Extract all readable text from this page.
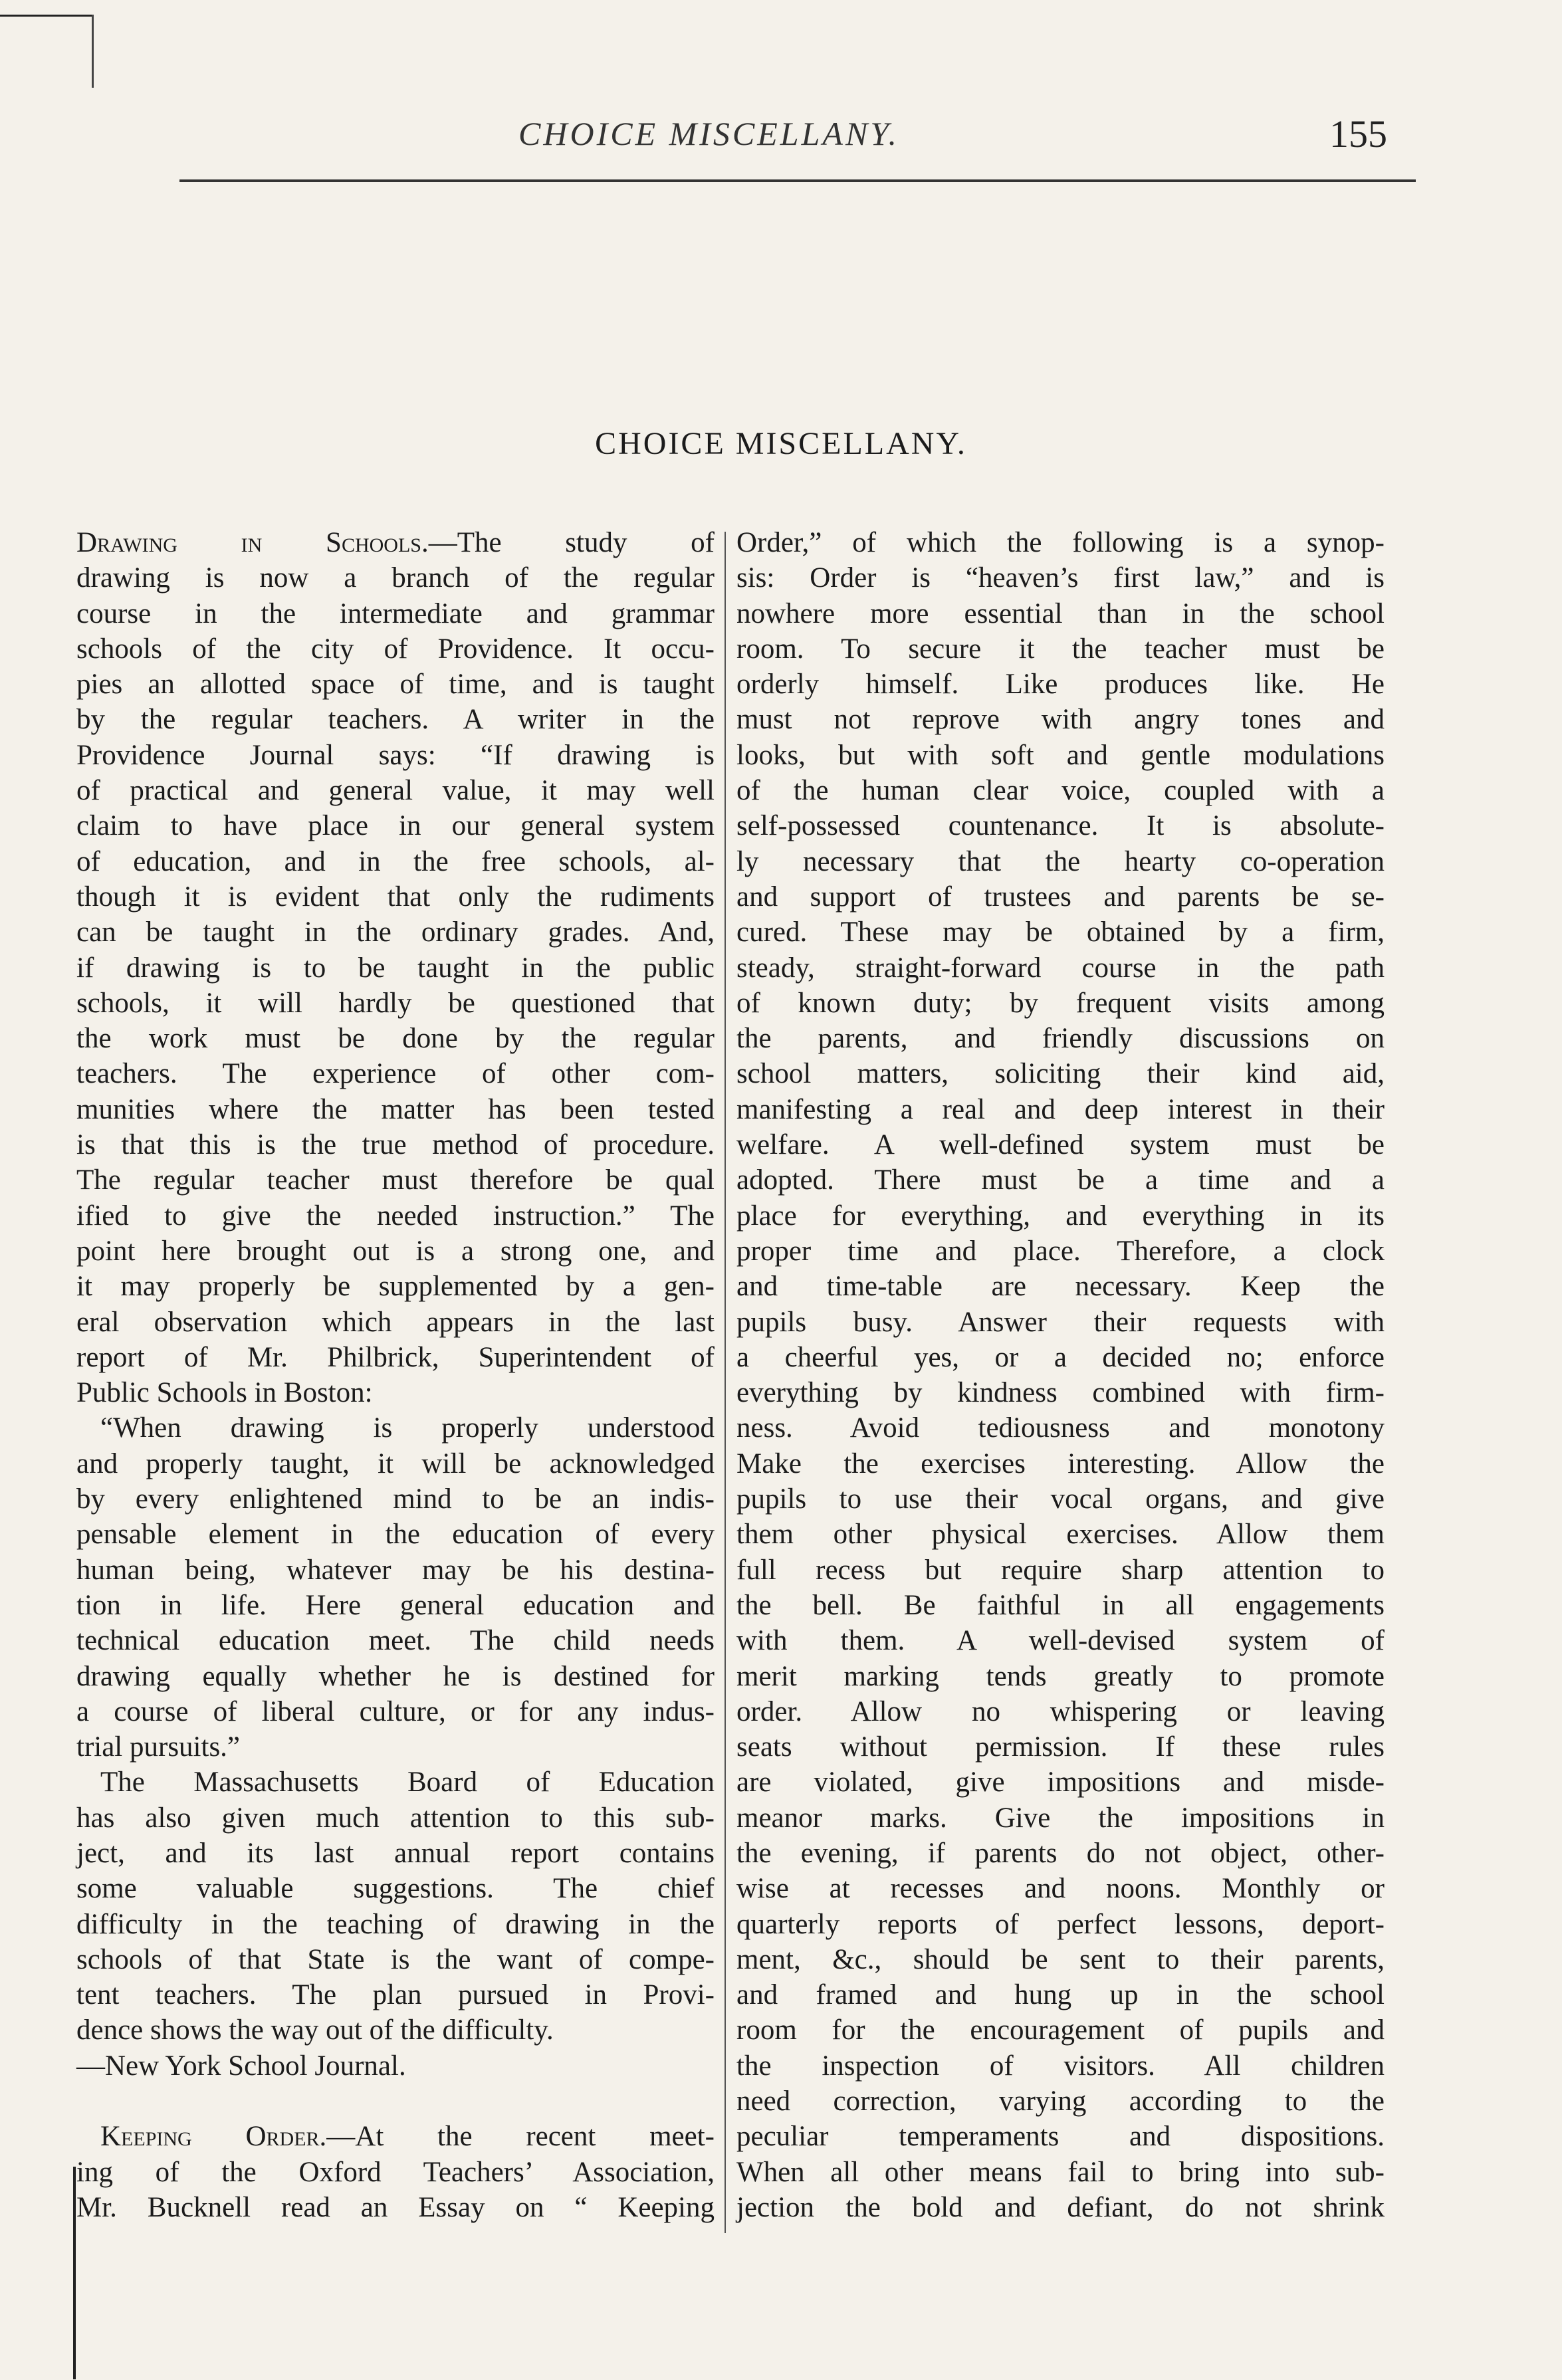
CHOICE MISCELLANY.	155
CHOICE MISCELLANY.
Drawing in Schools.—The study of
drawing is now a branch of the regular
course in the intermediate and grammar
schools of the city of Providence. It occu-
pies an allotted space of time, and is taught
by the regular teachers. A writer in the
Providence Journal says: “If drawing is
of practical and general value, it may well
claim to have place in our general system
of education, and in the free schools, al-
though it is evident that only the rudiments
can be taught in the ordinary grades. And,
if drawing is to be taught in the public
schools, it will hardly be questioned that
the work must be done by the regular
teachers. The experience of other com-
munities where the matter has been tested
is that this is the true method of procedure.
The regular teacher must therefore be qual
ified to give the needed instruction.” The
point here brought out is a strong one, and
it may properly be supplemented by a gen-
eral observation which appears in the last
report of Mr. Philbrick, Superintendent of
Public Schools in Boston:
“When drawing is properly understood
and properly taught, it will be acknowledged
by every enlightened mind to be an indis-
pensable element in the education of every
human being, whatever may be his destina-
tion in life. Here general education and
technical education meet. The child needs
drawing equally whether he is destined for
a course of liberal culture, or for any indus-
trial pursuits.”
The Massachusetts Board of Education
has also given much attention to this sub-
ject, and its last annual report contains
some valuable suggestions. The chief
difficulty in the teaching of drawing in the
schools of that State is the want of compe-
tent teachers. The plan pursued in Provi-
dence shows the way out of the difficulty.
—New York School Journal.
Keeping Order.—At the recent meet-
ing of the Oxford Teachers’ Association,
Mr. Bucknell read an Essay on “ Keeping
Order,” of which the following is a synop-
sis: Order is “heaven’s first law,” and is
nowhere more essential than in the school
room. To secure it the teacher must be
orderly himself. Like produces like. He
must not reprove with angry tones and
looks, but with soft and gentle modulations
of the human clear voice, coupled with a
self-possessed countenance. It is absolute-
ly necessary that the hearty co-operation
and support of trustees and parents be se-
cured. These may be obtained by a firm,
steady, straight-forward course in the path
of known duty; by frequent visits among
the parents, and friendly discussions on
school matters, soliciting their kind aid,
manifesting a real and deep interest in their
welfare. A well-defined system must be
adopted. There must be a time and a
place for everything, and everything in its
proper time and place. Therefore, a clock
and time-table are necessary. Keep the
pupils busy. Answer their requests with
a cheerful yes, or a decided no; enforce
everything by kindness combined with firm-
ness. Avoid tediousness and monotony
Make the exercises interesting. Allow the
pupils to use their vocal organs, and give
them other physical exercises. Allow them
full recess but require sharp attention to
the bell. Be faithful in all engagements
with them. A well-devised system of
merit marking tends greatly to promote
order. Allow no whispering or leaving
seats without permission. If these rules
are violated, give impositions and misde-
meanor marks. Give the impositions in
the evening, if parents do not object, other-
wise at recesses and noons. Monthly or
quarterly reports of perfect lessons, deport-
ment, &c., should be sent to their parents,
and framed and hung up in the school
room for the encouragement of pupils and
the inspection of visitors. All children
need correction, varying according to the
peculiar temperaments and dispositions.
When all other means fail to bring into sub-
jection the bold and defiant, do not shrink
